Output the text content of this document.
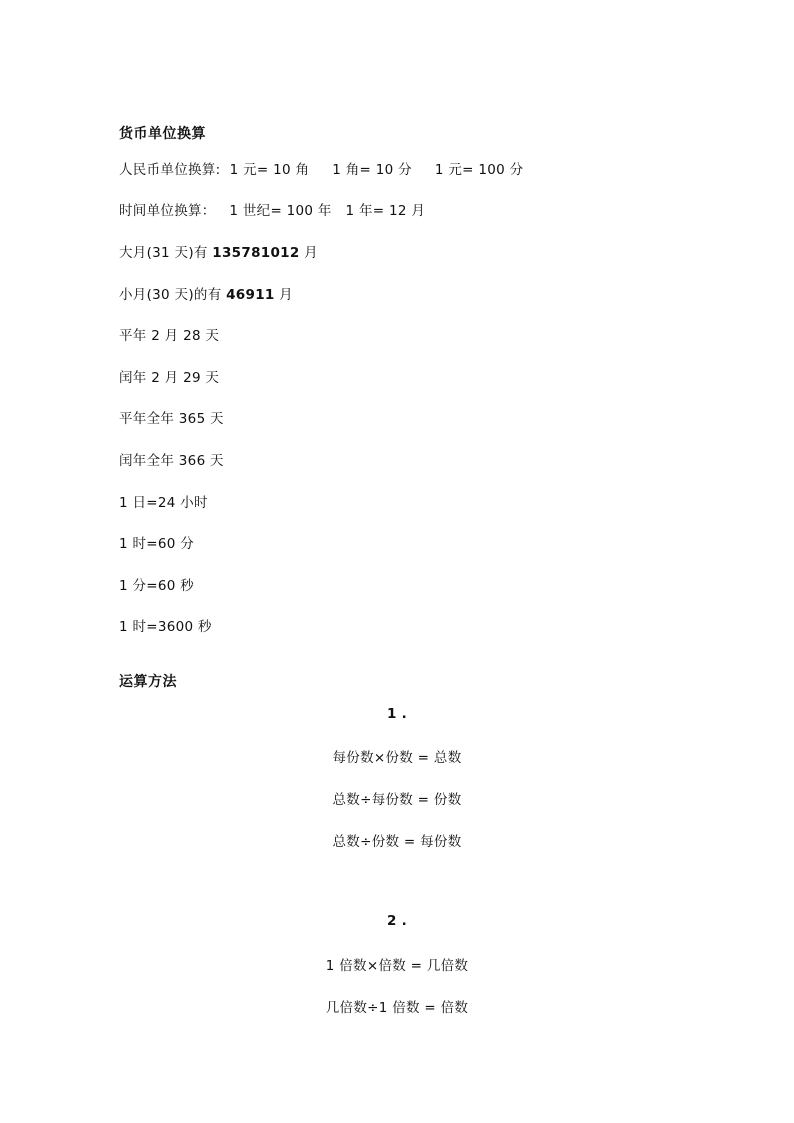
货币单位换算
人民币单位换算:  1 元= 10 角     1 角= 10 分     1 元= 100 分
时间单位换算：   1 世纪= 100 年   1 年= 12 月
大月(31 天)有 135781012 月
小月(30 天)的有 46911 月
平年 2 月 28 天
闰年 2 月 29 天
平年全年 365 天
闰年全年 366 天
1 日=24 小时
1 时=60 分
1 分=60 秒
1 时=3600 秒
运算方法
1 .
每份数×份数 = 总数
总数÷每份数 = 份数
总数÷份数 = 每份数
2 .
1 倍数×倍数 = 几倍数
几倍数÷1 倍数 = 倍数
